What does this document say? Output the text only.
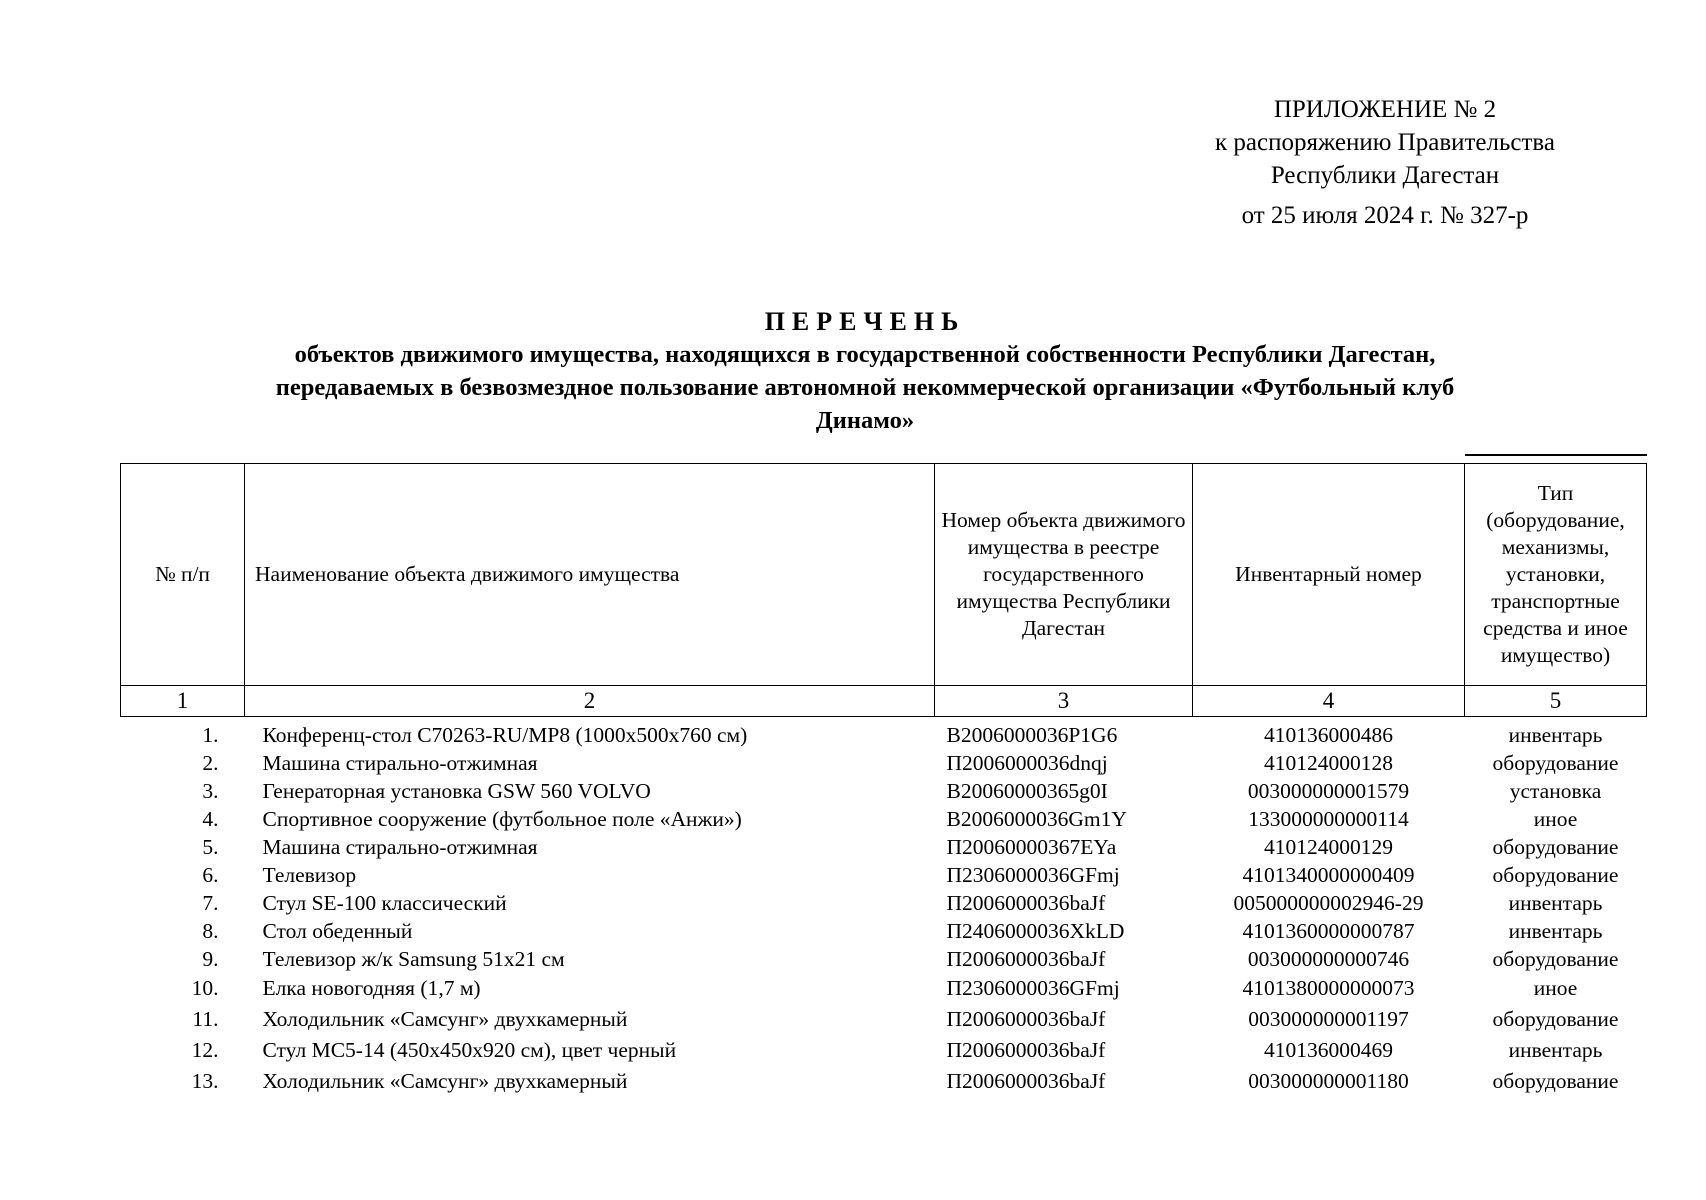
ПРИЛОЖЕНИЕ № 2
к распоряжению Правительства
Республики Дагестан
от 25 июля 2024 г. № 327-р
ПЕРЕЧЕНЬ
объектов движимого имущества, находящихся в государственной собственности Республики Дагестан,
передаваемых в безвозмездное пользование автономной некоммерческой организации «Футбольный клуб
Динамо»
№ п/п	Наименование объекта движимого имущества	Номер объекта движимого имущества в реестре государственного имущества Республики Дагестан	Инвентарный номер	Тип (оборудование, механизмы, установки, транспортные средства и иное имущество)
1	2	3	4	5
1.	Конференц-стол С70263-RU/MP8 (1000x500x760 см)	В2006000036P1G6	410136000486	инвентарь
2.	Машина стирально-отжимная	П2006000036dnqj	410124000128	оборудование
3.	Генераторная установка GSW 560 VOLVO	В20060000365g0I	003000000001579	установка
4.	Спортивное сооружение (футбольное поле «Анжи»)	В2006000036Gm1Y	133000000000114	иное
5.	Машина стирально-отжимная	П20060000367EYa	410124000129	оборудование
6.	Телевизор	П2306000036GFmj	4101340000000409	оборудование
7.	Стул SE-100 классический	П2006000036baJf	005000000002946-29	инвентарь
8.	Стол обеденный	П2406000036XkLD	4101360000000787	инвентарь
9.	Телевизор ж/к Samsung 51x21 см	П2006000036baJf	003000000000746	оборудование
10.	Елка новогодняя (1,7 м)	П2306000036GFmj	4101380000000073	иное
11.	Холодильник «Самсунг» двухкамерный	П2006000036baJf	003000000001197	оборудование
12.	Стул МС5-14 (450x450x920 см), цвет черный	П2006000036baJf	410136000469	инвентарь
13.	Холодильник «Самсунг» двухкамерный	П2006000036baJf	003000000001180	оборудование
